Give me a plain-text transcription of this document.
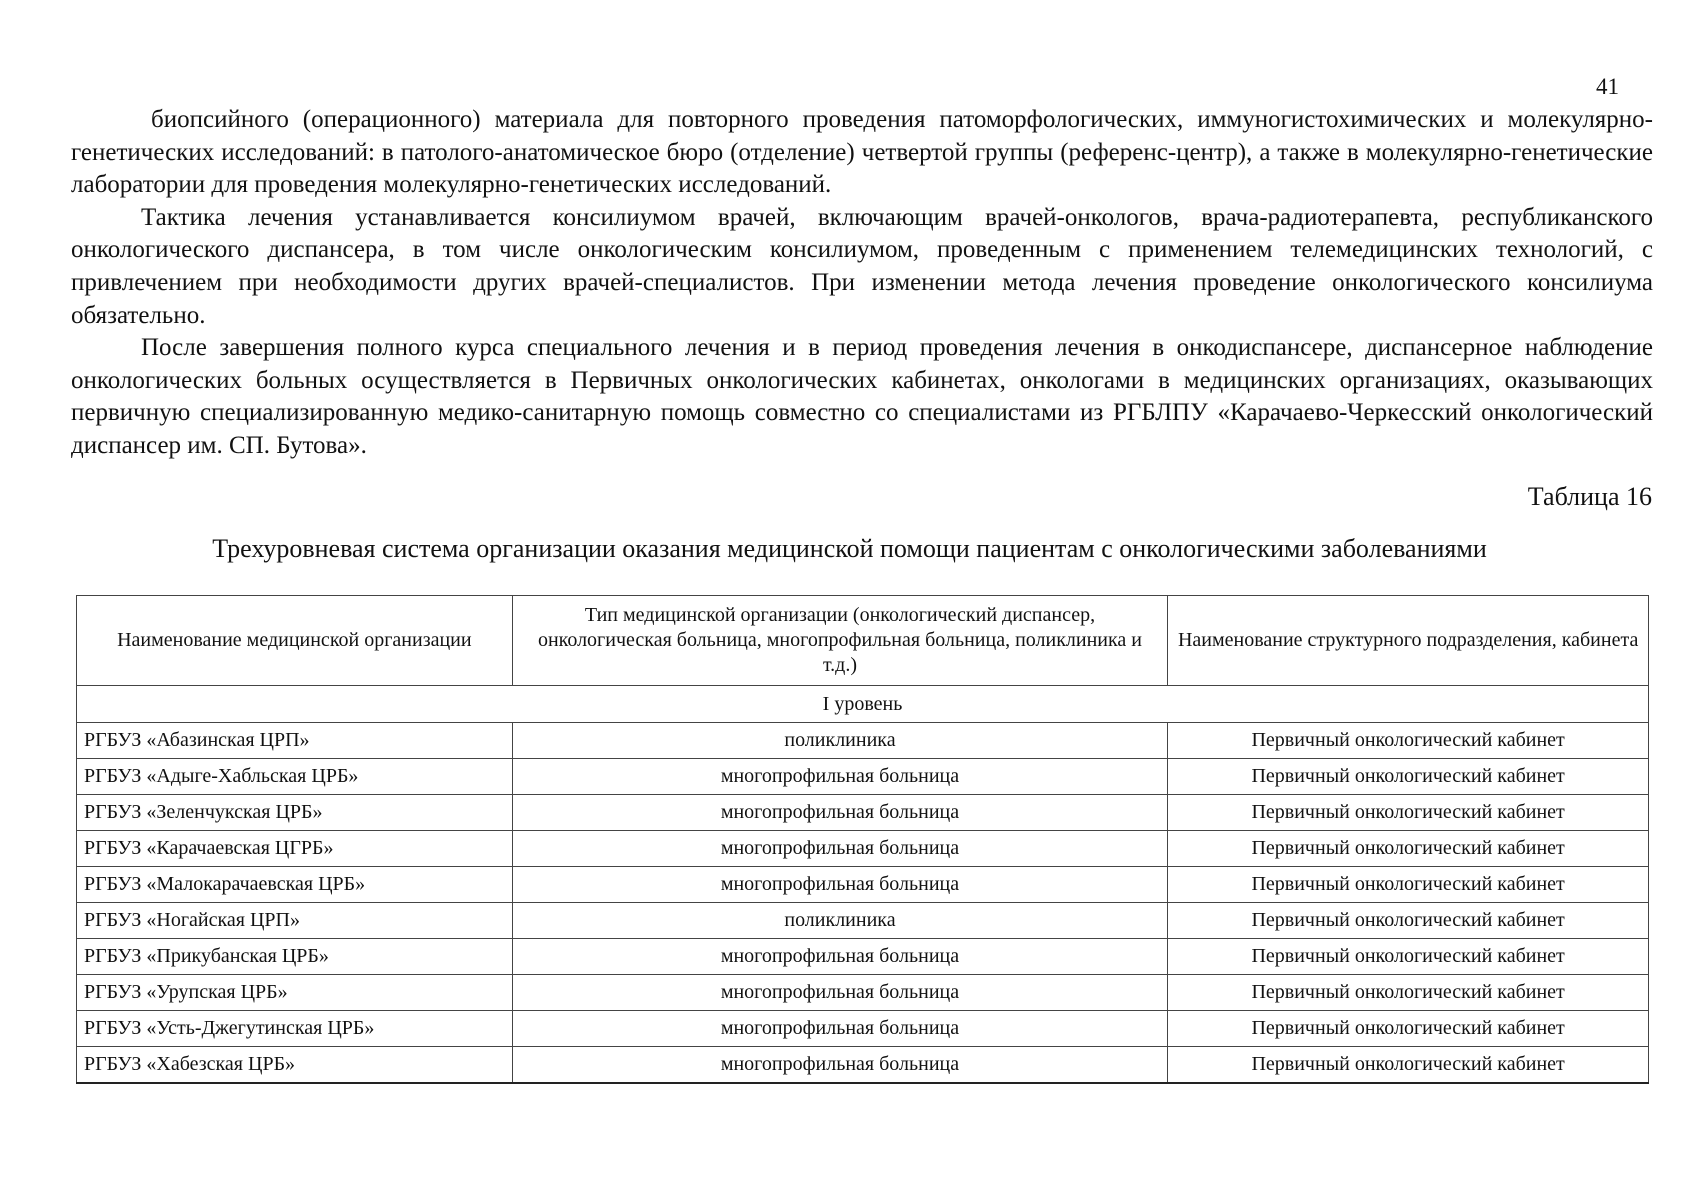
41

биопсийного (операционного) материала для повторного проведения патоморфологических, иммуногистохимических и молекулярно-генетических исследований: в патолого-анатомическое бюро (отделение) четвертой группы (референс-центр), а также в молекулярно-генетические лаборатории для проведения молекулярно-генетических исследований.

Тактика лечения устанавливается консилиумом врачей, включающим врачей-онкологов, врача-радиотерапевта, республиканского онкологического диспансера, в том числе онкологическим консилиумом, проведенным с применением телемедицинских технологий, с привлечением при необходимости других врачей-специалистов. При изменении метода лечения проведение онкологического консилиума обязательно.

После завершения полного курса специального лечения и в период проведения лечения в онкодиспансере, диспансерное наблюдение онкологических больных осуществляется в Первичных онкологических кабинетах, онкологами в медицинских организациях, оказывающих первичную специализированную медико-санитарную помощь совместно со специалистами из РГБЛПУ «Карачаево-Черкесский онкологический диспансер им. СП. Бутова».

Таблица 16
Трехуровневая система организации оказания медицинской помощи пациентам с онкологическими заболеваниями
Наименование медицинской организации	Тип медицинской организации (онкологический диспансер, онкологическая больница, многопрофильная больница, поликлиника и т.д.)	Наименование структурного подразделения, кабинета
I уровень		
РГБУЗ «Абазинская ЦРП»	поликлиника	Первичный онкологический кабинет
РГБУЗ «Адыге-Хабльская ЦРБ»	многопрофильная больница	Первичный онкологический кабинет
РГБУЗ «Зеленчукская ЦРБ»	многопрофильная больница	Первичный онкологический кабинет
РГБУЗ «Карачаевская ЦГРБ»	многопрофильная больница	Первичный онкологический кабинет
РГБУЗ «Малокарачаевская ЦРБ»	многопрофильная больница	Первичный онкологический кабинет
РГБУЗ «Ногайская ЦРП»	поликлиника	Первичный онкологический кабинет
РГБУЗ «Прикубанская ЦРБ»	многопрофильная больница	Первичный онкологический кабинет
РГБУЗ «Урупская ЦРБ»	многопрофильная больница	Первичный онкологический кабинет
РГБУЗ «Усть-Джегутинская ЦРБ»	многопрофильная больница	Первичный онкологический кабинет
РГБУЗ «Хабезская ЦРБ»	многопрофильная больница	Первичный онкологический кабинет
